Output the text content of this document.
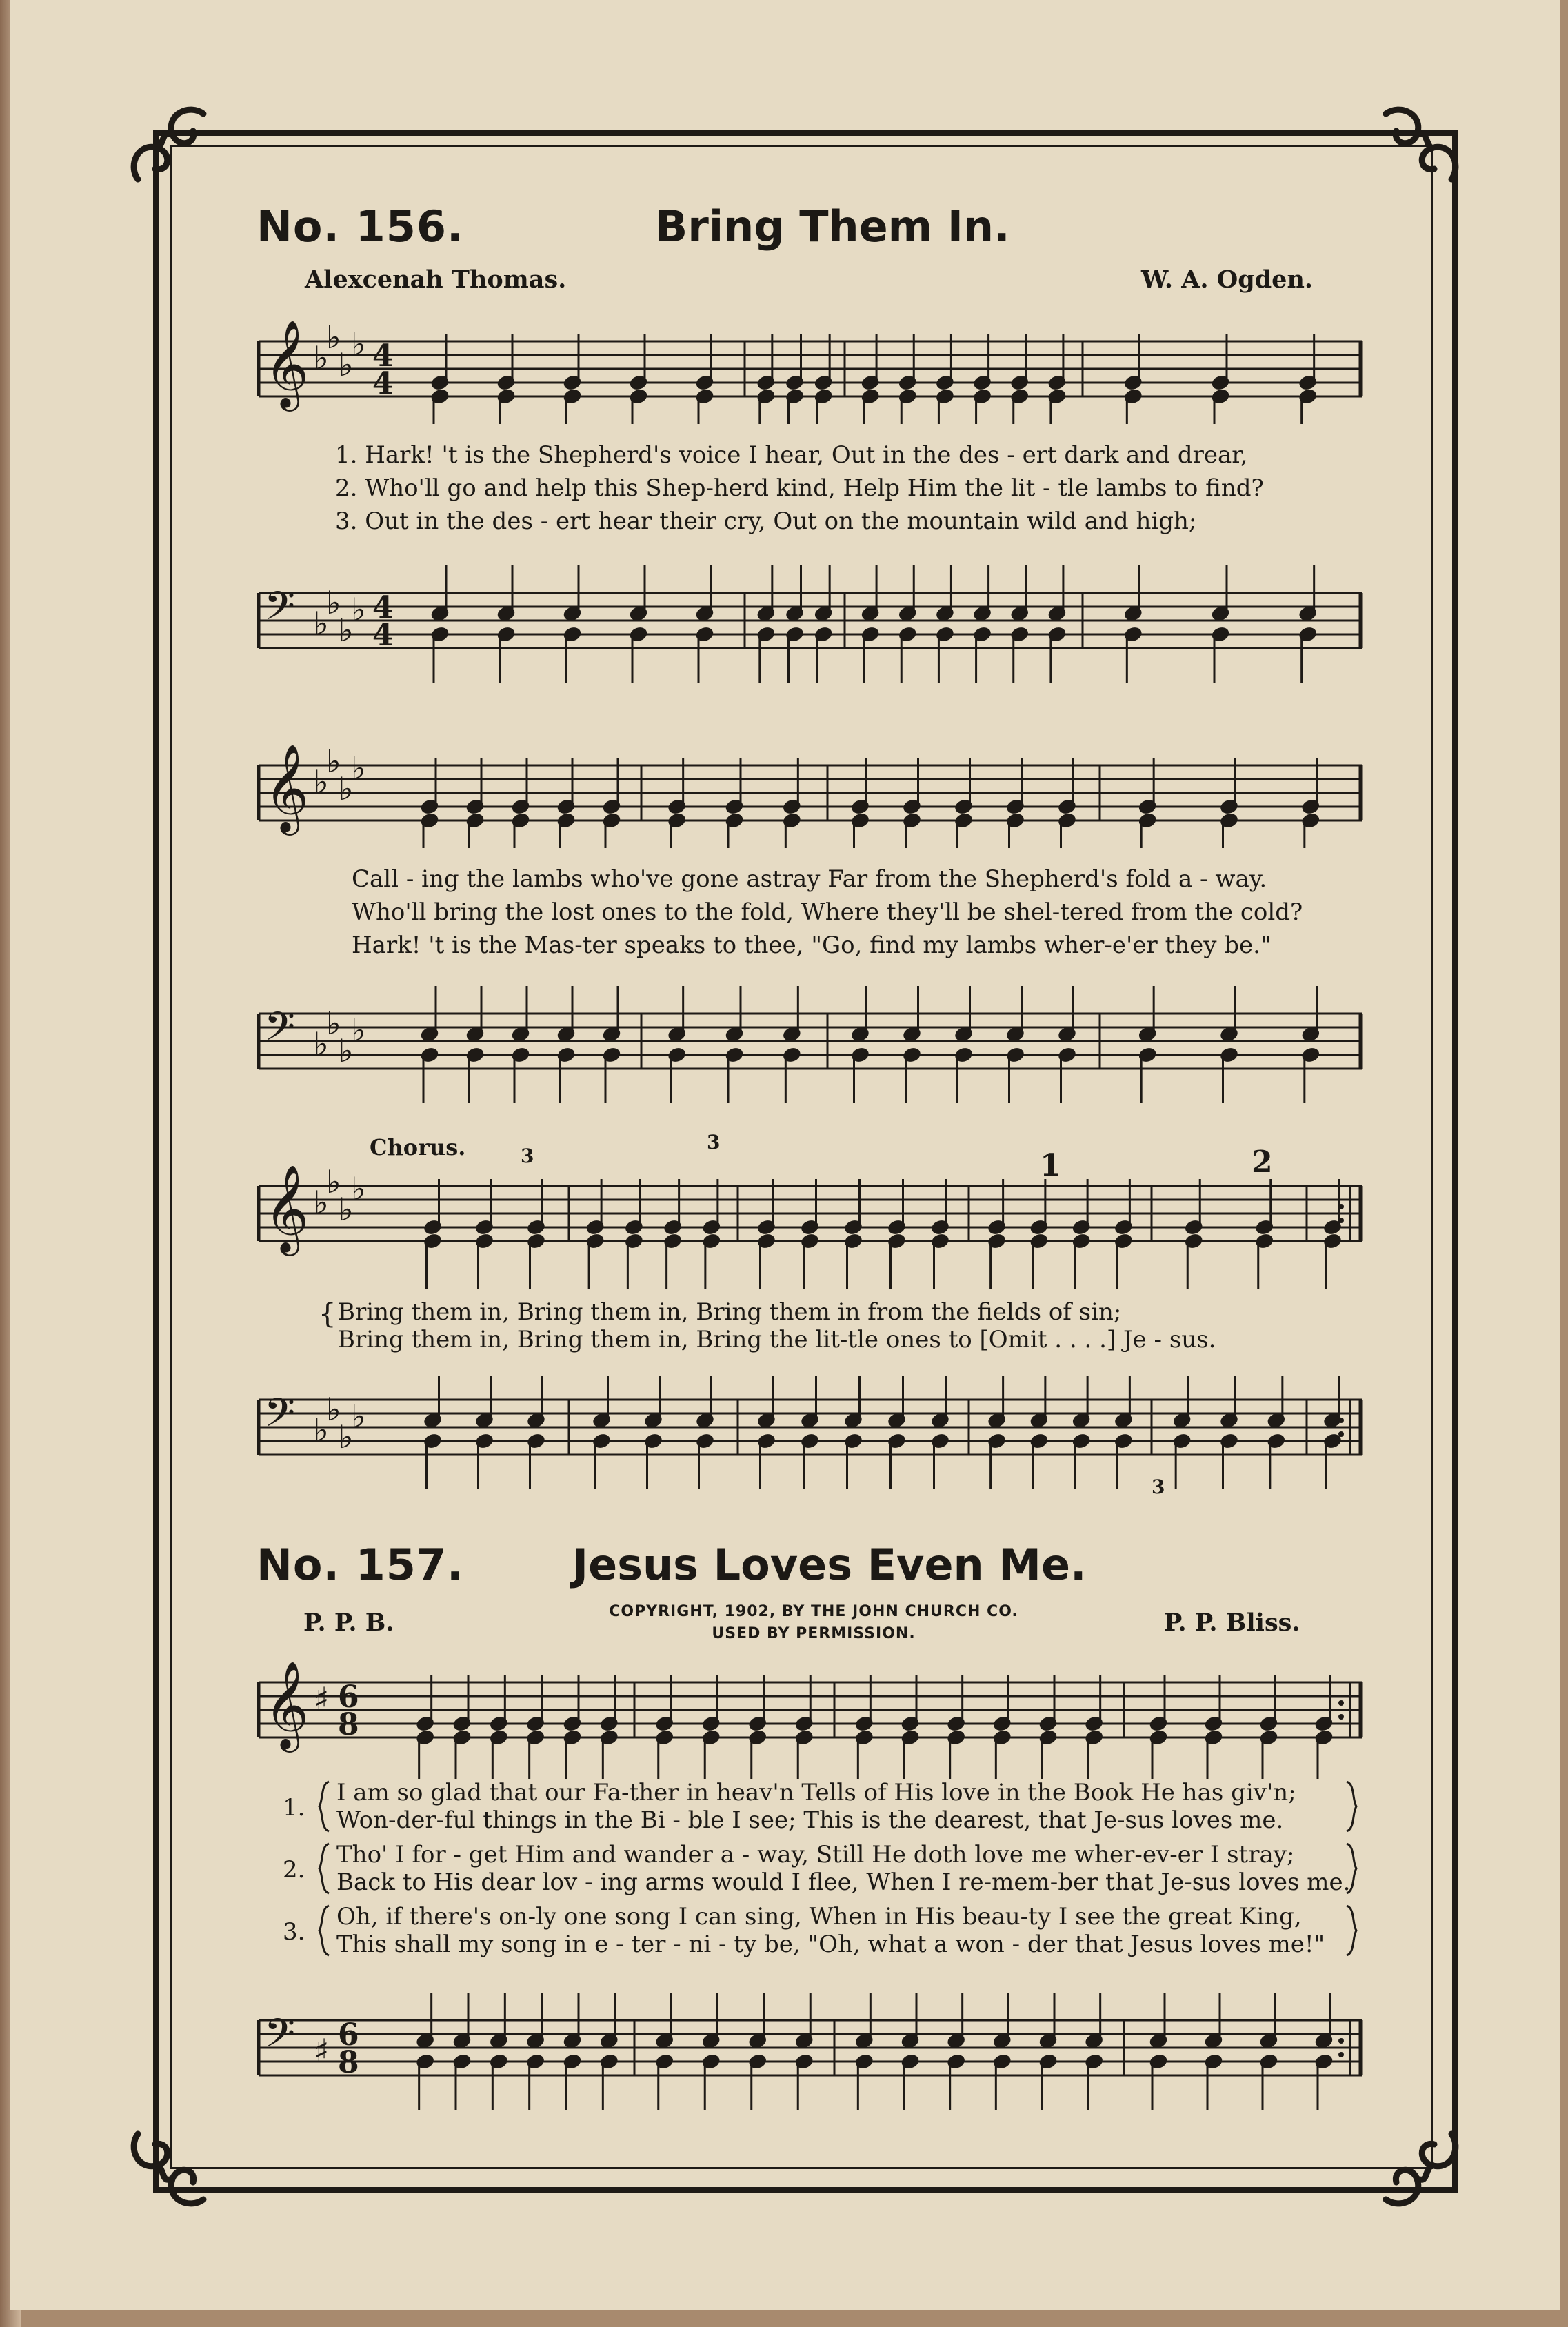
No. 156.	Bring Them In.
Alexcenah Thomas.	W. A. Ogden.
𝄞 ♭
♭
♭
♭ 4
4
1. Hark! 't is the Shepherd's voice I hear, Out in the des - ert dark and drear,
2. Who'll go and help this Shep-herd kind, Help Him the lit - tle lambs to find?
3. Out in the des - ert hear their cry, Out on the mountain wild and high;
𝄢 ♭
♭
♭
♭ 4
4
𝄞 ♭
♭
♭
♭
Call - ing the lambs who've gone astray Far from the Shepherd's fold a - way.
Who'll bring the lost ones to the fold, Where they'll be shel-tered from the cold?
Hark! 't is the Mas-ter speaks to thee, "Go, find my lambs wher-e'er they be."
𝄢 ♭
♭
♭
♭
Chorus.	3
3
1	2
𝄞 ♭
♭
♭
♭
{ Bring them in, Bring them in, Bring them in from the fields of sin;
Bring them in, Bring them in, Bring the lit-tle ones to [Omit . . . .] Je - sus.
𝄢 ♭
♭
♭
♭
3
No. 157.	Jesus Loves Even Me.
P. P. B.	COPYRIGHT, 1902, BY THE JOHN CHURCH CO.
USED BY PERMISSION.	P. P. Bliss.
𝄞 ♯ 6
8
1.
I am so glad that our Fa-ther in heav'n Tells of His love in the Book He has giv'n;
Won-der-ful things in the Bi - ble I see; This is the dearest, that Je-sus loves me.
2.
Tho' I for - get Him and wander a - way, Still He doth love me wher-ev-er I stray;
Back to His dear lov - ing arms would I flee, When I re-mem-ber that Je-sus loves me.
3.
Oh, if there's on-ly one song I can sing, When in His beau-ty I see the great King,
This shall my song in e - ter - ni - ty be, "Oh, what a won - der that Jesus loves me!"
𝄢 ♯ 6
8
